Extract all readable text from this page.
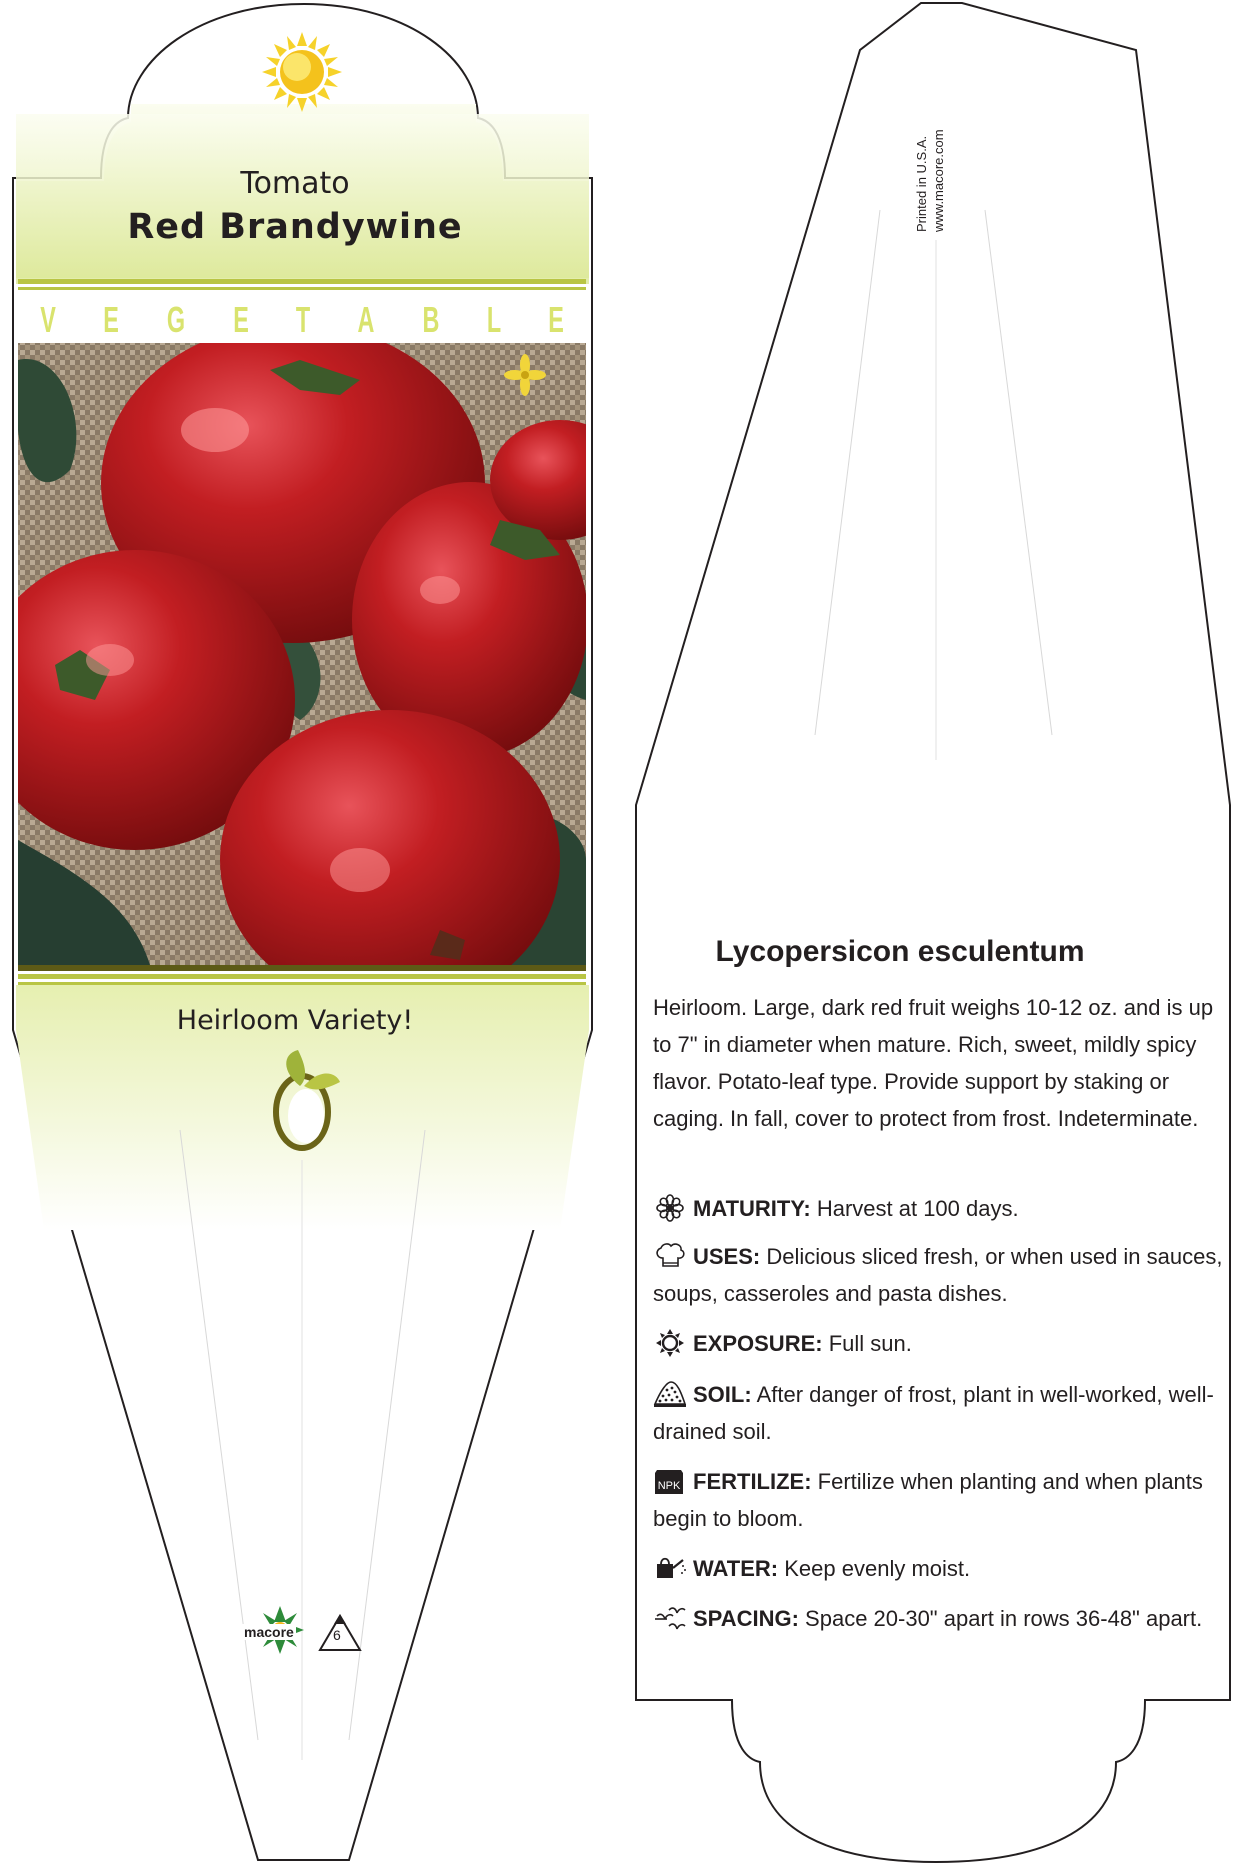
Tomato
Red Brandywine
V E G E T A B L E
Heirloom Variety!
macore	6
Printed in U.S.A. www.macore.com
Lycopersicon esculentum
Heirloom. Large, dark red fruit weighs 10-12 oz. and is up to 7" in diameter when mature. Rich, sweet, mildly spicy flavor. Potato-leaf type. Provide support by staking or caging. In fall, cover to protect from frost. Indeterminate.
MATURITY: Harvest at 100 days.
USES: Delicious sliced fresh, or when used in sauces, soups, casseroles and pasta dishes.
EXPOSURE: Full sun.
SOIL: After danger of frost, plant in well-worked, well-drained soil.
NPK FERTILIZE: Fertilize when planting and when plants begin to bloom.
WATER: Keep evenly moist.
SPACING: Space 20-30" apart in rows 36-48" apart.
